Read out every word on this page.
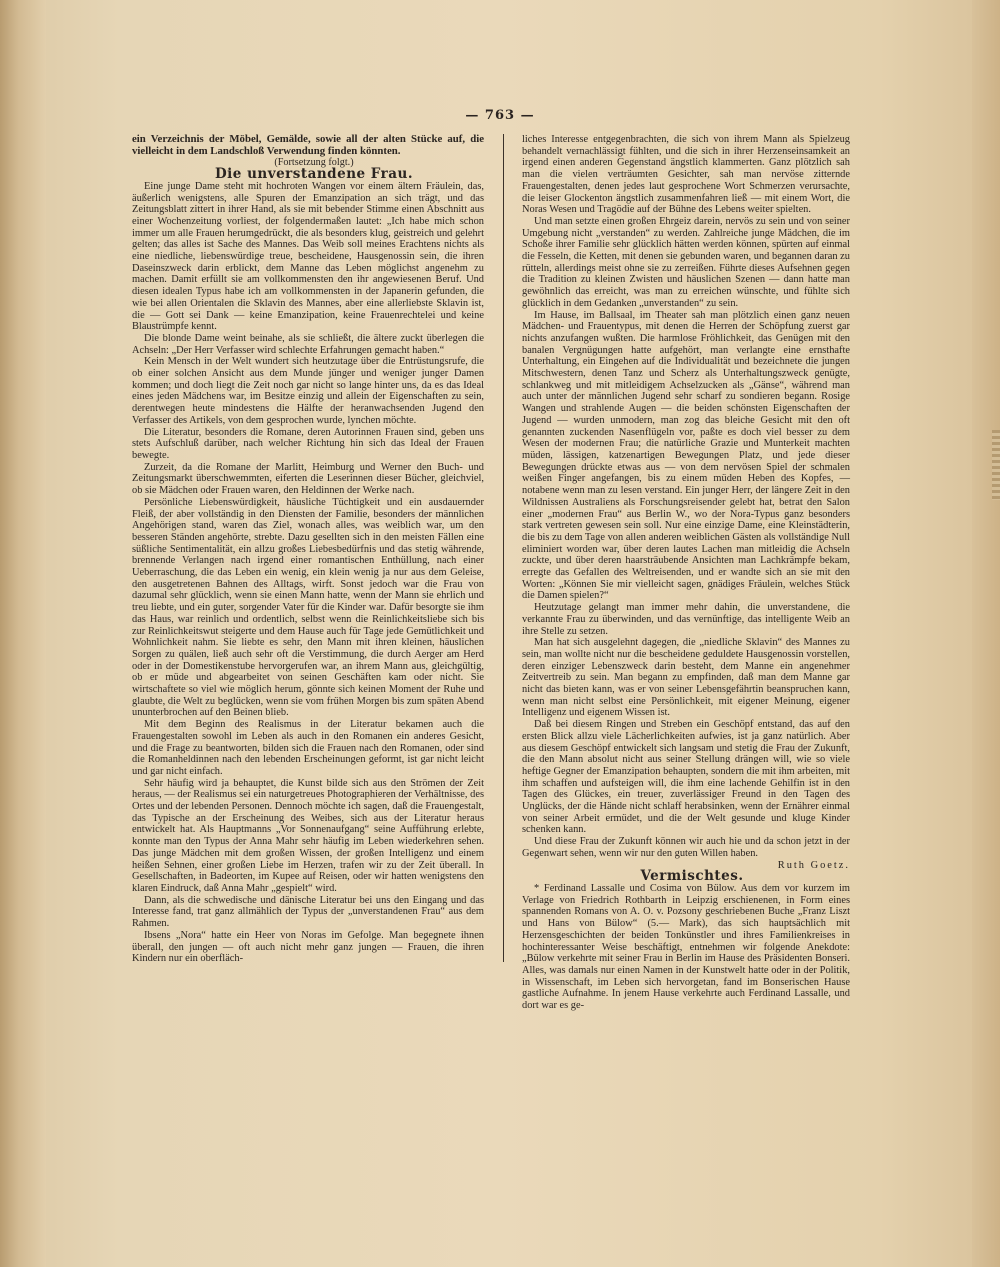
— 763 —

ein Verzeichnis der Möbel, Gemälde, sowie all der alten Stücke auf, die vielleicht in dem Landschloß Verwendung finden könnten.

(Fortsetzung folgt.)

Die unverstandene Frau.

Eine junge Dame steht mit hochroten Wangen vor einem ältern Fräulein, das, äußerlich wenigstens, alle Spuren der Emanzipation an sich trägt, und das Zeitungsblatt zittert in ihrer Hand, als sie mit bebender Stimme einen Abschnitt aus einer Wochenzeitung vorliest, der folgendermaßen lautet: „Ich habe mich schon immer um alle Frauen herumgedrückt, die als besonders klug, geistreich und gelehrt gelten; das alles ist Sache des Mannes. Das Weib soll meines Erachtens nichts als eine niedliche, liebenswürdige treue, bescheidene, Hausgenossin sein, die ihren Daseinszweck darin erblickt, dem Manne das Leben möglichst angenehm zu machen. Damit erfüllt sie am vollkommensten den ihr angewiesenen Beruf. Und diesen idealen Typus habe ich am vollkommensten in der Japanerin gefunden, die wie bei allen Orientalen die Sklavin des Mannes, aber eine allerliebste Sklavin ist, die — Gott sei Dank — keine Emanzipation, keine Frauenrechtelei und keine Blaustrümpfe kennt.

Die blonde Dame weint beinahe, als sie schließt, die ältere zuckt überlegen die Achseln: „Der Herr Verfasser wird schlechte Erfahrungen gemacht haben.“

Kein Mensch in der Welt wundert sich heutzutage über die Entrüstungsrufe, die ob einer solchen Ansicht aus dem Munde jünger und weniger junger Damen kommen; und doch liegt die Zeit noch gar nicht so lange hinter uns, da es das Ideal eines jeden Mädchens war, im Besitze einzig und allein der Eigenschaften zu sein, derentwegen heute mindestens die Hälfte der heranwachsenden Jugend den Verfasser des Artikels, von dem gesprochen wurde, lynchen möchte.

Die Literatur, besonders die Romane, deren Autorinnen Frauen sind, geben uns stets Aufschluß darüber, nach welcher Richtung hin sich das Ideal der Frauen bewegte.

Zurzeit, da die Romane der Marlitt, Heimburg und Werner den Buch- und Zeitungsmarkt überschwemmten, eiferten die Leserinnen dieser Bücher, gleichviel, ob sie Mädchen oder Frauen waren, den Heldinnen der Werke nach.

Persönliche Liebenswürdigkeit, häusliche Tüchtigkeit und ein ausdauernder Fleiß, der aber vollständig in den Diensten der Familie, besonders der männlichen Angehörigen stand, waren das Ziel, wonach alles, was weiblich war, um den besseren Ständen angehörte, strebte. Dazu gesellten sich in den meisten Fällen eine süßliche Sentimentalität, ein allzu großes Liebesbedürfnis und das stetig währende, brennende Verlangen nach irgend einer romantischen Enthüllung, nach einer Ueberraschung, die das Leben ein wenig, ein klein wenig ja nur aus dem Geleise, den ausgetretenen Bahnen des Alltags, wirft. Sonst jedoch war die Frau von dazumal sehr glücklich, wenn sie einen Mann hatte, wenn der Mann sie ehrlich und treu liebte, und ein guter, sorgender Vater für die Kinder war. Dafür besorgte sie ihm das Haus, war reinlich und ordentlich, selbst wenn die Reinlichkeitsliebe sich bis zur Reinlichkeitswut steigerte und dem Hause auch für Tage jede Gemütlichkeit und Wohnlichkeit nahm. Sie liebte es sehr, den Mann mit ihren kleinen, häuslichen Sorgen zu quälen, ließ auch sehr oft die Verstimmung, die durch Aerger am Herd oder in der Domestikenstube hervorgerufen war, an ihrem Mann aus, gleichgültig, ob er müde und abgearbeitet von seinen Geschäften kam oder nicht. Sie wirtschaftete so viel wie möglich herum, gönnte sich keinen Moment der Ruhe und glaubte, die Welt zu beglücken, wenn sie vom frühen Morgen bis zum späten Abend ununterbrochen auf den Beinen blieb.

Mit dem Beginn des Realismus in der Literatur bekamen auch die Frauengestalten sowohl im Leben als auch in den Romanen ein anderes Gesicht, und die Frage zu beantworten, bilden sich die Frauen nach den Romanen, oder sind die Romanheldinnen nach den lebenden Erscheinungen geformt, ist gar nicht leicht und gar nicht einfach.

Sehr häufig wird ja behauptet, die Kunst bilde sich aus den Strömen der Zeit heraus, — der Realismus sei ein naturgetreues Photographieren der Verhältnisse, des Ortes und der lebenden Personen. Dennoch möchte ich sagen, daß die Frauengestalt, das Typische an der Erscheinung des Weibes, sich aus der Literatur heraus entwickelt hat. Als Hauptmanns „Vor Sonnenaufgang“ seine Aufführung erlebte, konnte man den Typus der Anna Mahr sehr häufig im Leben wiederkehren sehen. Das junge Mädchen mit dem großen Wissen, der großen Intelligenz und einem heißen Sehnen, einer großen Liebe im Herzen, trafen wir zu der Zeit überall. In Gesellschaften, in Badeorten, im Kupee auf Reisen, oder wir hatten wenigstens den klaren Eindruck, daß Anna Mahr „gespielt“ wird.

Dann, als die schwedische und dänische Literatur bei uns den Eingang und das Interesse fand, trat ganz allmählich der Typus der „unverstandenen Frau“ aus dem Rahmen.

Ibsens „Nora“ hatte ein Heer von Noras im Gefolge. Man begegnete ihnen überall, den jungen — oft auch nicht mehr ganz jungen — Frauen, die ihren Kindern nur ein oberfläch-

liches Interesse entgegenbrachten, die sich von ihrem Mann als Spielzeug behandelt vernachlässigt fühlten, und die sich in ihrer Herzenseinsamkeit an irgend einen anderen Gegenstand ängstlich klammerten. Ganz plötzlich sah man die vielen verträumten Gesichter, sah man nervöse zitternde Frauengestalten, denen jedes laut gesprochene Wort Schmerzen verursachte, die leiser Glockenton ängstlich zusammenfahren ließ — mit einem Wort, die Noras Wesen und Tragödie auf der Bühne des Lebens weiter spielten.

Und man setzte einen großen Ehrgeiz darein, nervös zu sein und von seiner Umgebung nicht „verstanden“ zu werden. Zahlreiche junge Mädchen, die im Schoße ihrer Familie sehr glücklich hätten werden können, spürten auf einmal die Fesseln, die Ketten, mit denen sie gebunden waren, und begannen daran zu rütteln, allerdings meist ohne sie zu zerreißen. Führte dieses Aufsehnen gegen die Tradition zu kleinen Zwisten und häuslichen Szenen — dann hatte man gewöhnlich das erreicht, was man zu erreichen wünschte, und fühlte sich glücklich in dem Gedanken „unverstanden“ zu sein.

Im Hause, im Ballsaal, im Theater sah man plötzlich einen ganz neuen Mädchen- und Frauentypus, mit denen die Herren der Schöpfung zuerst gar nichts anzufangen wußten. Die harmlose Fröhlichkeit, das Genügen mit den banalen Vergnügungen hatte aufgehört, man verlangte eine ernsthafte Unterhaltung, ein Eingehen auf die Individualität und bezeichnete die jungen Mitschwestern, denen Tanz und Scherz als Unterhaltungszweck genügte, schlankweg und mit mitleidigem Achselzucken als „Gänse“, während man auch unter der männlichen Jugend sehr scharf zu sondieren begann. Rosige Wangen und strahlende Augen — die beiden schönsten Eigenschaften der Jugend — wurden unmodern, man zog das bleiche Gesicht mit den oft genannten zuckenden Nasenflügeln vor, paßte es doch viel besser zu dem Wesen der modernen Frau; die natürliche Grazie und Munterkeit machten müden, lässigen, katzenartigen Bewegungen Platz, und jede dieser Bewegungen drückte etwas aus — von dem nervösen Spiel der schmalen weißen Finger angefangen, bis zu einem müden Heben des Kopfes, — notabene wenn man zu lesen verstand. Ein junger Herr, der längere Zeit in den Wildnissen Australiens als Forschungsreisender gelebt hat, betrat den Salon einer „modernen Frau“ aus Berlin W., wo der Nora-Typus ganz besonders stark vertreten gewesen sein soll. Nur eine einzige Dame, eine Kleinstädterin, die bis zu dem Tage von allen anderen weiblichen Gästen als vollständige Null eliminiert worden war, über deren lautes Lachen man mitleidig die Achseln zuckte, und über deren haarsträubende Ansichten man Lachkrämpfe bekam, erregte das Gefallen des Weltreisenden, und er wandte sich an sie mit den Worten: „Können Sie mir vielleicht sagen, gnädiges Fräulein, welches Stück die Damen spielen?“

Heutzutage gelangt man immer mehr dahin, die unverstandene, die verkannte Frau zu überwinden, und das vernünftige, das intelligente Weib an ihre Stelle zu setzen.

Man hat sich ausgelehnt dagegen, die „niedliche Sklavin“ des Mannes zu sein, man wollte nicht nur die bescheidene geduldete Hausgenossin vorstellen, deren einziger Lebenszweck darin besteht, dem Manne ein angenehmer Zeitvertreib zu sein. Man begann zu empfinden, daß man dem Manne gar nicht das bieten kann, was er von seiner Lebensgefährtin beanspruchen kann, wenn man nicht selbst eine Persönlichkeit, mit eigener Meinung, eigener Intelligenz und eigenem Wissen ist.

Daß bei diesem Ringen und Streben ein Geschöpf entstand, das auf den ersten Blick allzu viele Lächerlichkeiten aufwies, ist ja ganz natürlich. Aber aus diesem Geschöpf entwickelt sich langsam und stetig die Frau der Zukunft, die den Mann absolut nicht aus seiner Stellung drängen will, wie so viele heftige Gegner der Emanzipation behaupten, sondern die mit ihm arbeiten, mit ihm schaffen und aufsteigen will, die ihm eine lachende Gehilfin ist in den Tagen des Glückes, ein treuer, zuverlässiger Freund in den Tagen des Unglücks, der die Hände nicht schlaff herabsinken, wenn der Ernährer einmal von seiner Arbeit ermüdet, und die der Welt gesunde und kluge Kinder schenken kann.

Und diese Frau der Zukunft können wir auch hie und da schon jetzt in der Gegenwart sehen, wenn wir nur den guten Willen haben.

Ruth Goetz.

Vermischtes.

* Ferdinand Lassalle und Cosima von Bülow. Aus dem vor kurzem im Verlage von Friedrich Rothbarth in Leipzig erschienenen, in Form eines spannenden Romans von A. O. v. Pozsony geschriebenen Buche „Franz Liszt und Hans von Bülow“ (5.— Mark), das sich hauptsächlich mit Herzensgeschichten der beiden Tonkünstler und ihres Familienkreises in hochinteressanter Weise beschäftigt, entnehmen wir folgende Anekdote: „Bülow verkehrte mit seiner Frau in Berlin im Hause des Präsidenten Bonseri. Alles, was damals nur einen Namen in der Kunstwelt hatte oder in der Politik, in Wissenschaft, im Leben sich hervorgetan, fand im Bonserischen Hause gastliche Aufnahme. In jenem Hause verkehrte auch Ferdinand Lassalle, und dort war es ge-
